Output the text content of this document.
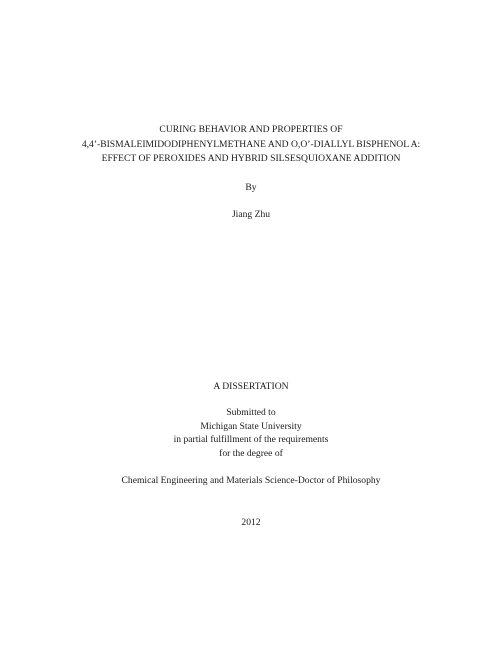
CURING BEHAVIOR AND PROPERTIES OF
4,4’-BISMALEIMIDODIPHENYLMETHANE AND O,O’-DIALLYL BISPHENOL A:
EFFECT OF PEROXIDES AND HYBRID SILSESQUIOXANE ADDITION
By
Jiang Zhu
A DISSERTATION
Submitted to
Michigan State University
in partial fulfillment of the requirements
for the degree of
Chemical Engineering and Materials Science-Doctor of Philosophy
2012
